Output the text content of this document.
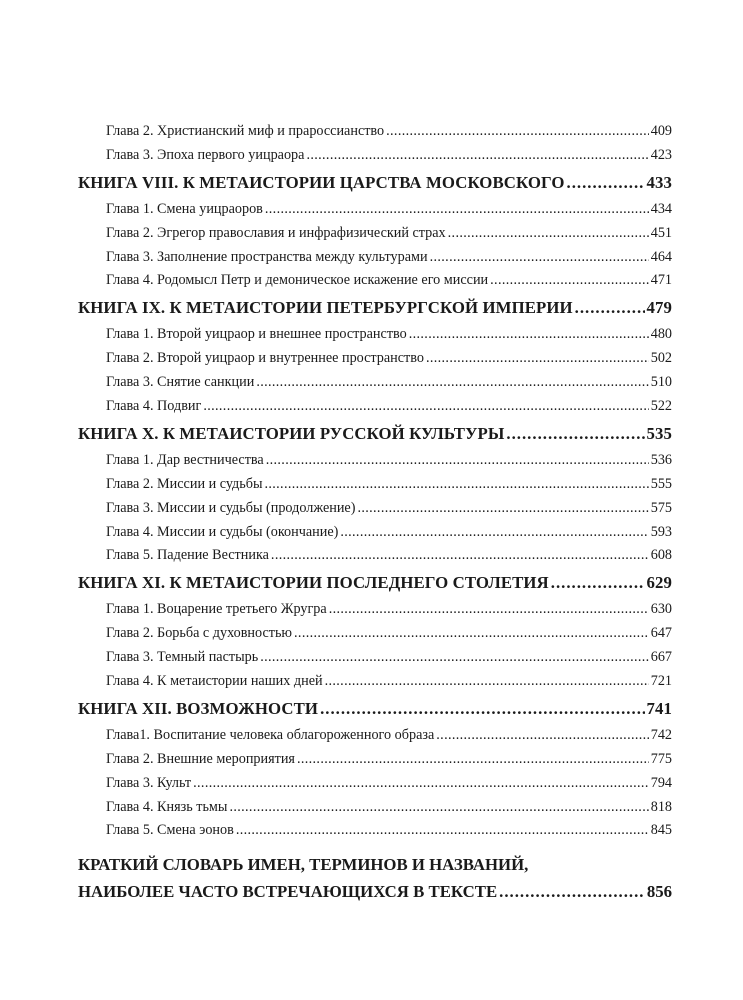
Глава 2. Христианский миф и прароссианство . . .	409
Глава 3. Эпоха первого уицраора . . .	423
КНИГА VIII. К МЕТАИСТОРИИ ЦАРСТВА МОСКОВСКОГО . . .	433
Глава 1. Смена уицраоров . . .	434
Глава 2. Эгрегор православия и инфрафизический страх . . .	451
Глава 3. Заполнение пространства между культурами . . .	464
Глава 4. Родомысл Петр и демоническое искажение его миссии . . .	471
КНИГА IX. К МЕТАИСТОРИИ ПЕТЕРБУРГСКОЙ ИМПЕРИИ . . .	479
Глава 1. Второй уицраор и внешнее пространство . . .	480
Глава 2. Второй уицраор и внутреннее пространство . . .	502
Глава 3. Снятие санкции . . .	510
Глава 4. Подвиг . . .	522
КНИГА X. К МЕТАИСТОРИИ РУССКОЙ КУЛЬТУРЫ . . .	535
Глава 1. Дар вестничества . . .	536
Глава 2. Миссии и судьбы . . .	555
Глава 3. Миссии и судьбы (продолжение) . . .	575
Глава 4. Миссии и судьбы (окончание) . . .	593
Глава 5. Падение Вестника . . .	608
КНИГА XI. К МЕТАИСТОРИИ ПОСЛЕДНЕГО СТОЛЕТИЯ . . .	629
Глава 1. Воцарение третьего Жругра . . .	630
Глава 2. Борьба с духовностью . . .	647
Глава 3. Темный пастырь . . .	667
Глава 4. К метаистории наших дней . . .	721
КНИГА XII. ВОЗМОЖНОСТИ . . .	741
Глава1. Воспитание человека облагороженного образа . . .	742
Глава 2. Внешние мероприятия . . .	775
Глава 3. Культ . . .	794
Глава 4. Князь тьмы . . .	818
Глава 5. Смена эонов . . .	845
КРАТКИЙ СЛОВАРЬ ИМЕН, ТЕРМИНОВ И НАЗВАНИЙ,
НАИБОЛЕЕ ЧАСТО ВСТРЕЧАЮЩИХСЯ В ТЕКСТЕ . . .	856
